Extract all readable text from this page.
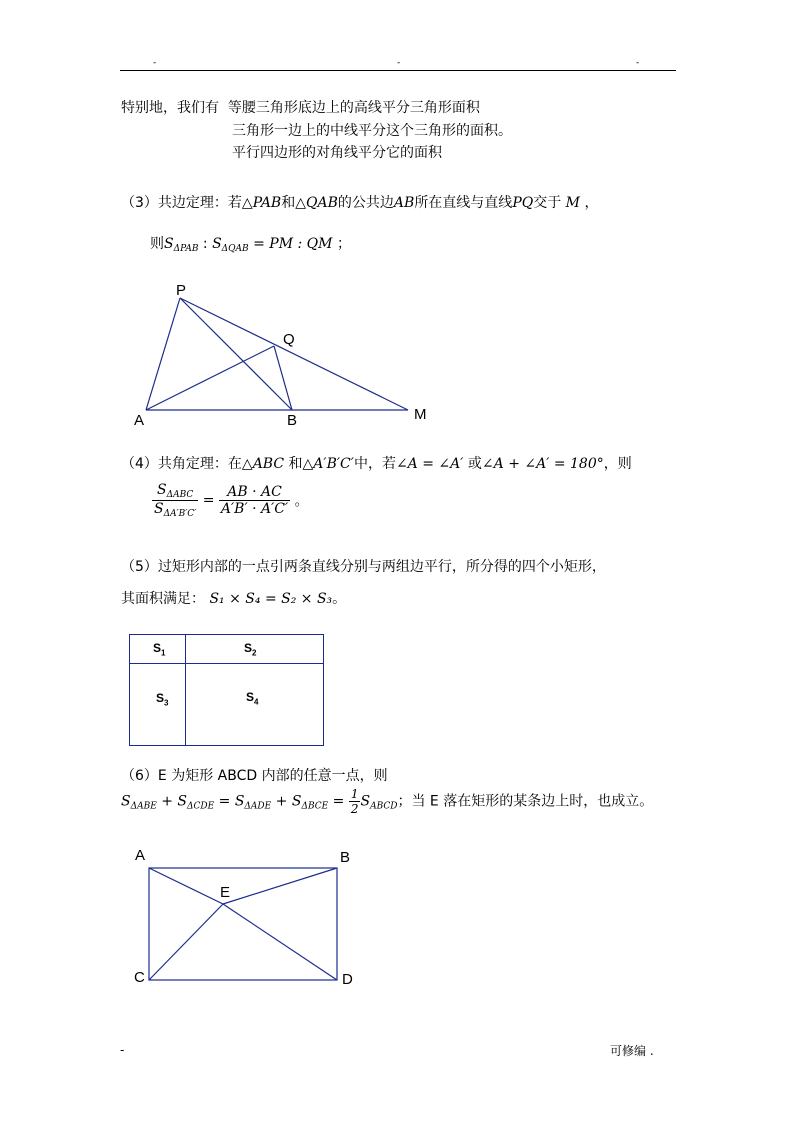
-	-	-
特别地，我们有 等腰三角形底边上的高线平分三角形面积
三角形一边上的中线平分这个三角形的面积。
平行四边形的对角线平分它的面积
（3）共边定理：若△PAB和△QAB的公共边AB所在直线与直线PQ交于 M ，
则$S_{\Delta PAB}$ : $S_{\Delta QAB}$ = PM : QM ；
P
Q
A	B	M
（4）共角定理：在△ABC 和△A′B′C′中，若∠A = ∠A′ 或∠A + ∠A′ = 180°，则
$\frac{S_{\Delta ABC}}{S_{\Delta A'B'C'}} = \frac{AB \cdot AC}{A'B' \cdot A'C'}$ 。
（5）过矩形内部的一点引两条直线分别与两组边平行，所分得的四个小矩形，
其面积满足： S₁ × S₄ = S₂ × S₃。
$S_1$	$S_2$
$S_3$	$S_4$
（6）E 为矩形 ABCD 内部的任意一点，则
$S_{\Delta ABE} + S_{\Delta CDE} = S_{\Delta ADE} + S_{\Delta BCE} = \frac{1}{2} S_{ABCD}$；当 E 落在矩形的某条边上时，也成立。
A	B
E
C	D
-	可修编 .
